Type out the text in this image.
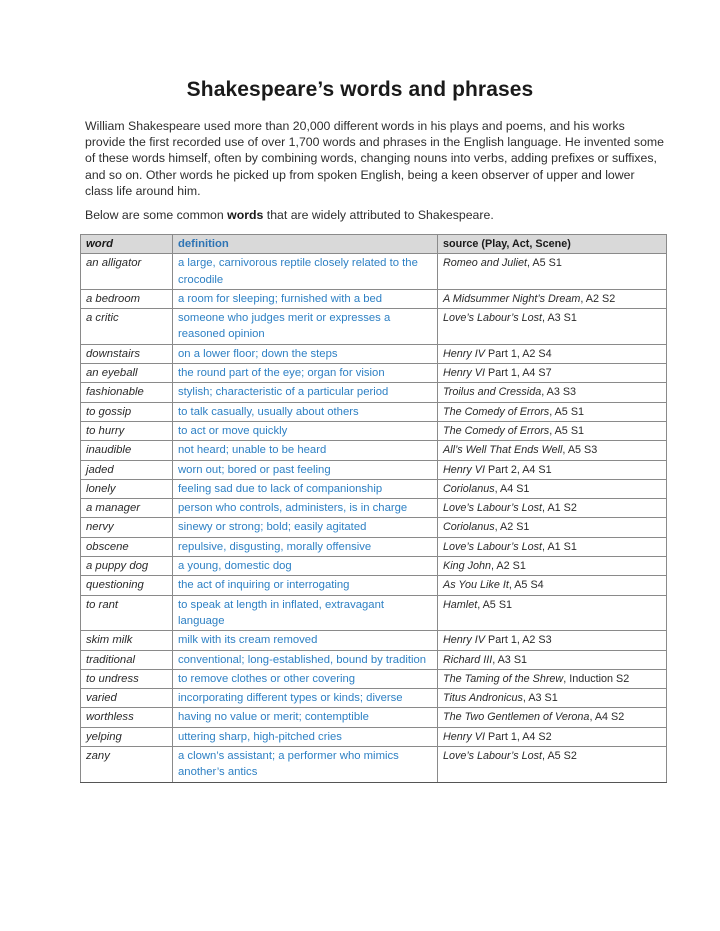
Shakespeare’s words and phrases
William Shakespeare used more than 20,000 different words in his plays and poems, and his works provide the first recorded use of over 1,700 words and phrases in the English language. He invented some of these words himself, often by combining words, changing nouns into verbs, adding prefixes or suffixes, and so on. Other words he picked up from spoken English, being a keen observer of upper and lower class life around him.
Below are some common words that are widely attributed to Shakespeare.
word	definition	source (Play, Act, Scene)
an alligator	a large, carnivorous reptile closely related to the crocodile	Romeo and Juliet, A5 S1
a bedroom	a room for sleeping; furnished with a bed	A Midsummer Night’s Dream, A2 S2
a critic	someone who judges merit or expresses a reasoned opinion	Love’s Labour’s Lost, A3 S1
downstairs	on a lower floor; down the steps	Henry IV Part 1, A2 S4
an eyeball	the round part of the eye; organ for vision	Henry VI Part 1, A4 S7
fashionable	stylish; characteristic of a particular period	Troilus and Cressida, A3 S3
to gossip	to talk casually, usually about others	The Comedy of Errors, A5 S1
to hurry	to act or move quickly	The Comedy of Errors, A5 S1
inaudible	not heard; unable to be heard	All’s Well That Ends Well, A5 S3
jaded	worn out; bored or past feeling	Henry VI Part 2, A4 S1
lonely	feeling sad due to lack of companionship	Coriolanus, A4 S1
a manager	person who controls, administers, is in charge	Love’s Labour’s Lost, A1 S2
nervy	sinewy or strong; bold; easily agitated	Coriolanus, A2 S1
obscene	repulsive, disgusting, morally offensive	Love’s Labour’s Lost, A1 S1
a puppy dog	a young, domestic dog	King John, A2 S1
questioning	the act of inquiring or interrogating	As You Like It, A5 S4
to rant	to speak at length in inflated, extravagant language	Hamlet, A5 S1
skim milk	milk with its cream removed	Henry IV Part 1, A2 S3
traditional	conventional; long-established, bound by tradition	Richard III, A3 S1
to undress	to remove clothes or other covering	The Taming of the Shrew, Induction S2
varied	incorporating different types or kinds; diverse	Titus Andronicus, A3 S1
worthless	having no value or merit; contemptible	The Two Gentlemen of Verona, A4 S2
yelping	uttering sharp, high-pitched cries	Henry VI Part 1, A4 S2
zany	a clown’s assistant; a performer who mimics another’s antics	Love’s Labour’s Lost, A5 S2
